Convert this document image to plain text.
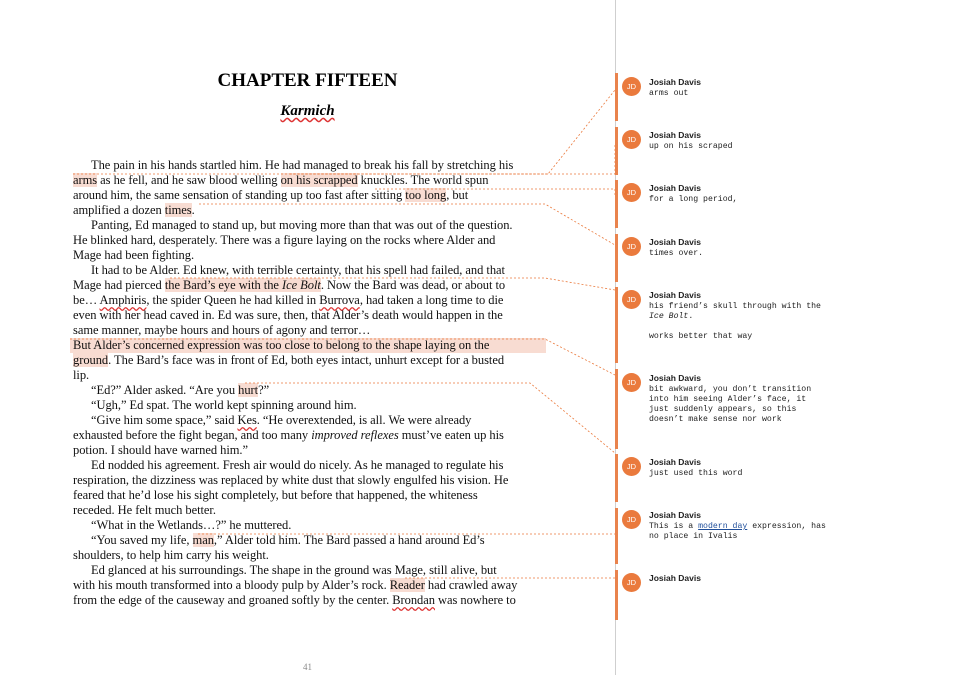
CHAPTER FIFTEEN
Karmich
The pain in his hands startled him. He had managed to break his fall by stretching his
arms as he fell, and he saw blood welling on his scrapped knuckles. The world spun
around him, the same sensation of standing up too fast after sitting too long, but
amplified a dozen times.
Panting, Ed managed to stand up, but moving more than that was out of the question.
He blinked hard, desperately. There was a figure laying on the rocks where Alder and
Mage had been fighting.
It had to be Alder. Ed knew, with terrible certainty, that his spell had failed, and that
Mage had pierced the Bard’s eye with the Ice Bolt. Now the Bard was dead, or about to
be… Amphiris, the spider Queen he had killed in Burrova, had taken a long time to die
even with her head caved in. Ed was sure, then, that Alder’s death would happen in the
same manner, maybe hours and hours of agony and terror…
But Alder’s concerned expression was too close to belong to the shape laying on the
ground. The Bard’s face was in front of Ed, both eyes intact, unhurt except for a busted
lip.
“Ed?” Alder asked. “Are you hurt?”
“Ugh,” Ed spat. The world kept spinning around him.
“Give him some space,” said Kes. “He overextended, is all. We were already
exhausted before the fight began, and too many improved reflexes must’ve eaten up his
potion. I should have warned him.”
Ed nodded his agreement. Fresh air would do nicely. As he managed to regulate his
respiration, the dizziness was replaced by white dust that slowly engulfed his vision. He
feared that he’d lose his sight completely, but before that happened, the whiteness
receded. He felt much better.
“What in the Wetlands…?” he muttered.
“You saved my life, man,” Alder told him. The Bard passed a hand around Ed’s
shoulders, to help him carry his weight.
Ed glanced at his surroundings. The shape in the ground was Mage, still alive, but
with his mouth transformed into a bloody pulp by Alder’s rock. Reader had crawled away
from the edge of the causeway and groaned softly by the center. Brondan was nowhere to
41
JD	Josiah Davis
arms out
JD	Josiah Davis
up on his scraped
JD	Josiah Davis
for a long period,
JD	Josiah Davis
times over.
JD	Josiah Davis
his friend’s skull through with the
Ice Bolt.

works better that way
JD	Josiah Davis
bit awkward, you don’t transition
into him seeing Alder’s face, it
just suddenly appears, so this
doesn’t make sense nor work
JD	Josiah Davis
just used this word
JD	Josiah Davis
This is a modern day expression, has
no place in Ivalis
JD	Josiah Davis
